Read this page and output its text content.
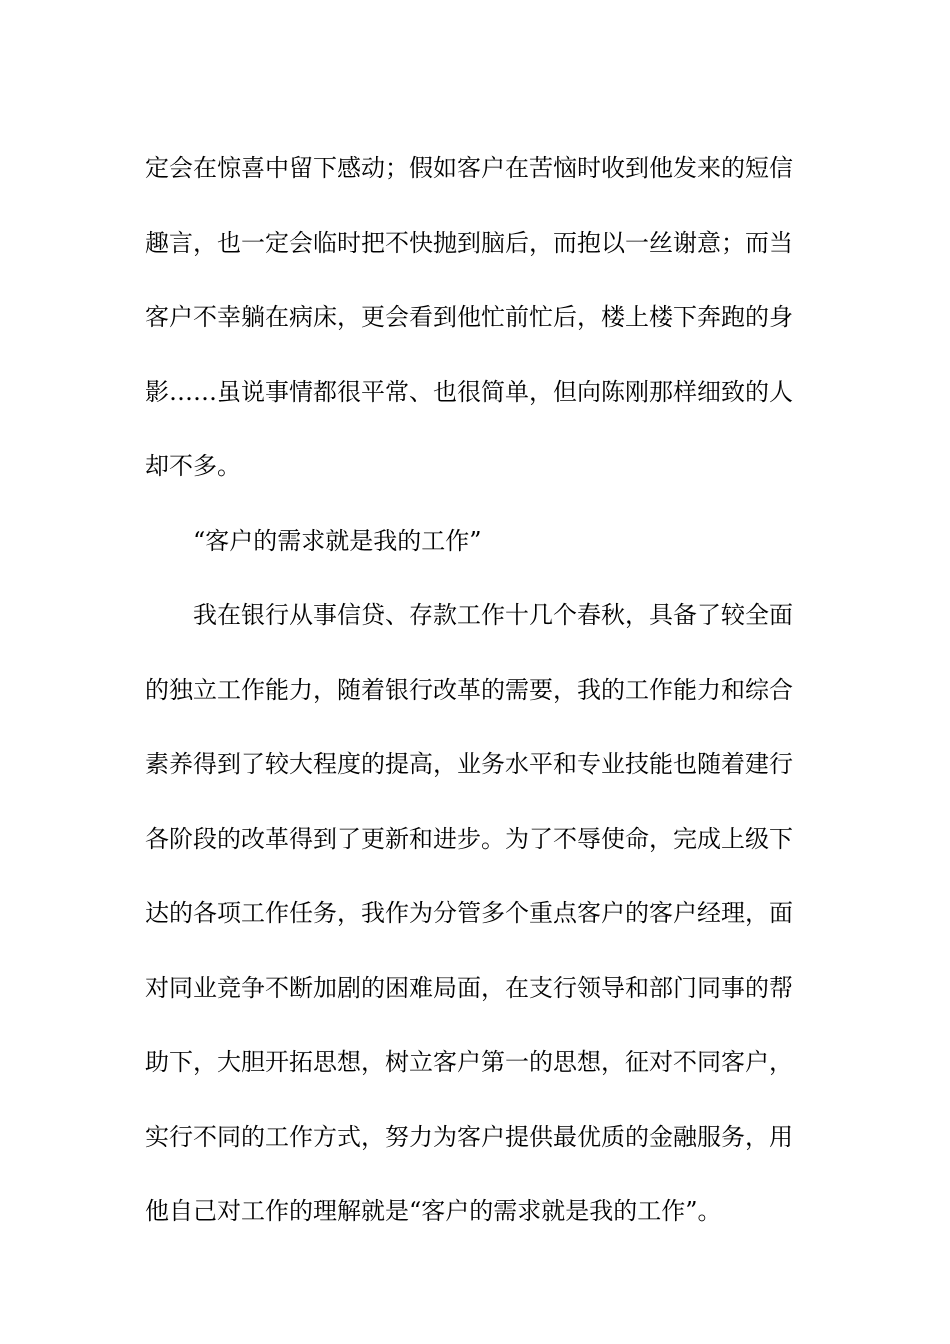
定会在惊喜中留下感动；假如客户在苦恼时收到他发来的短信
趣言，也一定会临时把不快抛到脑后，而抱以一丝谢意；而当
客户不幸躺在病床，更会看到他忙前忙后，楼上楼下奔跑的身
影……虽说事情都很平常、也很简单，但向陈刚那样细致的人
却不多。
“客户的需求就是我的工作”
我在银行从事信贷、存款工作十几个春秋，具备了较全面
的独立工作能力，随着银行改革的需要，我的工作能力和综合
素养得到了较大程度的提高，业务水平和专业技能也随着建行
各阶段的改革得到了更新和进步。为了不辱使命，完成上级下
达的各项工作任务，我作为分管多个重点客户的客户经理，面
对同业竞争不断加剧的困难局面，在支行领导和部门同事的帮
助下，大胆开拓思想，树立客户第一的思想，征对不同客户，
实行不同的工作方式，努力为客户提供最优质的金融服务，用
他自己对工作的理解就是“客户的需求就是我的工作”。
